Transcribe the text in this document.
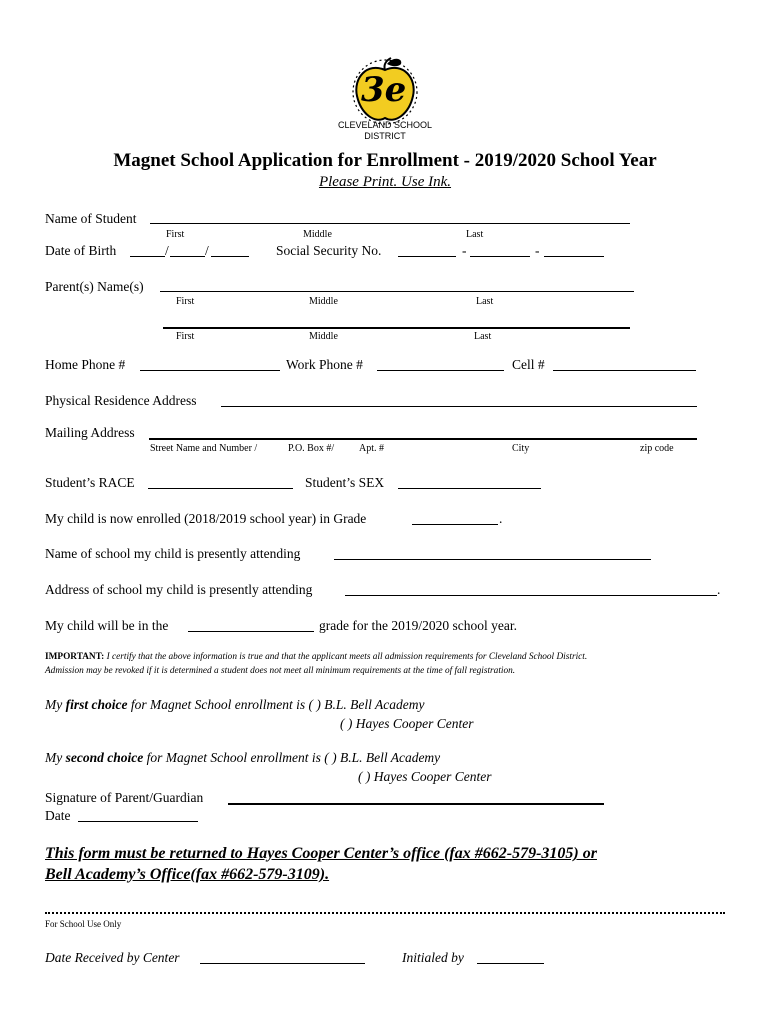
3e
CLEVELAND SCHOOL
DISTRICT
Magnet School Application for Enrollment - 2019/2020 School Year
Please Print. Use Ink.
Name of Student
First	Middle	Last
Date of Birth	/	/	Social Security No.	-	-
Parent(s) Name(s)
First	Middle	Last
First	Middle	Last
Home Phone #	Work Phone #	Cell #
Physical Residence Address
Mailing Address
Street Name and Number /	P.O. Box #/ Apt. #	City	zip code
Student’s RACE	Student’s SEX
My child is now enrolled (2018/2019 school year) in Grade	.
Name of school my child is presently attending
Address of school my child is presently attending	.
My child will be in the	grade for the 2019/2020 school year.
IMPORTANT: I certify that the above information is true and that the applicant meets all admission requirements for Cleveland School District.
Admission may be revoked if it is determined a student does not meet all minimum requirements at the time of fall registration.
My first choice for Magnet School enrollment is ( ) B.L. Bell Academy
( ) Hayes Cooper Center
My second choice for Magnet School enrollment is ( ) B.L. Bell Academy
( ) Hayes Cooper Center
Signature of Parent/Guardian
Date
This form must be returned to Hayes Cooper Center’s office (fax #662-579-3105) or
Bell Academy’s Office(fax #662-579-3109).
For School Use Only
Date Received by Center	Initialed by
